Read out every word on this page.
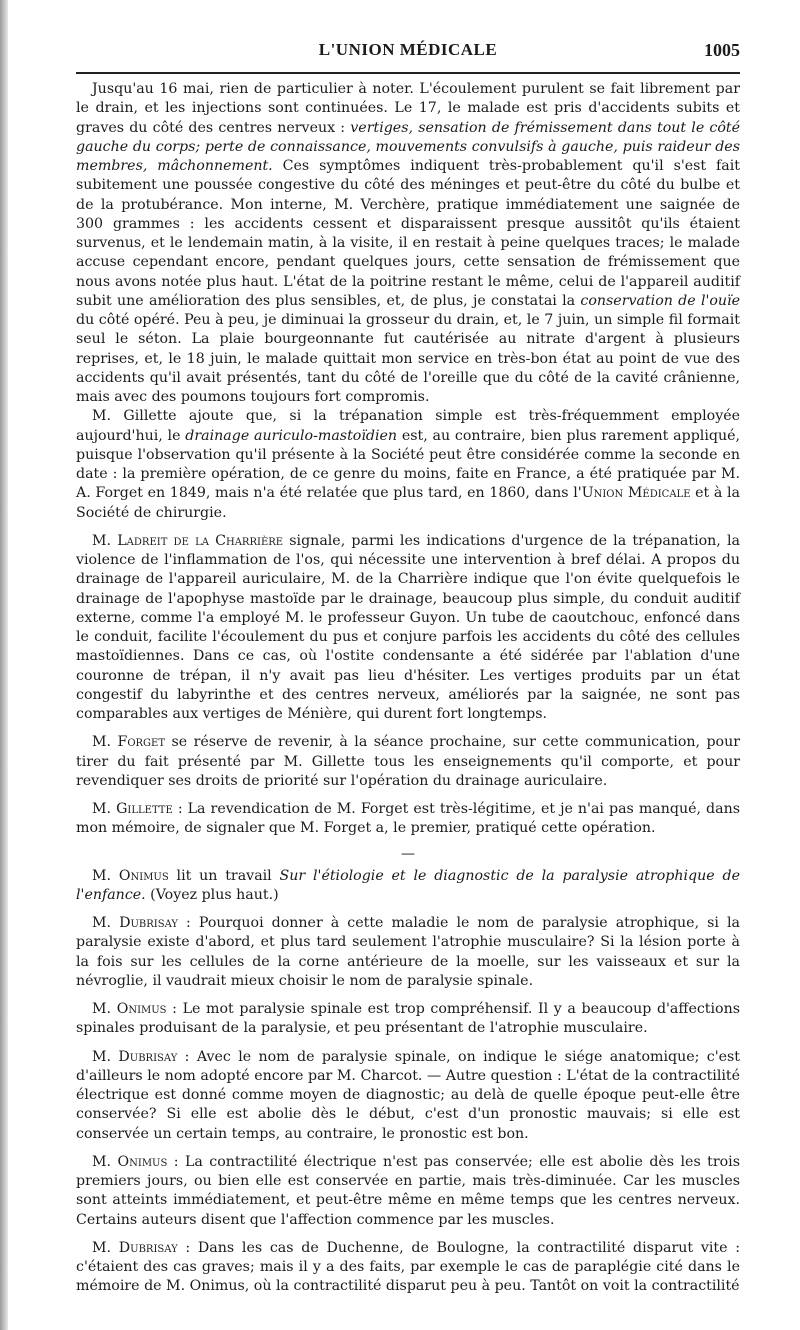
L'UNION MÉDICALE	1005

Jusqu'au 16 mai, rien de particulier à noter. L'écoulement purulent se fait librement par le drain, et les injections sont continuées. Le 17, le malade est pris d'accidents subits et graves du côté des centres nerveux : vertiges, sensation de frémissement dans tout le côté gauche du corps; perte de connaissance, mouvements convulsifs à gauche, puis raideur des membres, mâchonnement. Ces symptômes indiquent très-probablement qu'il s'est fait subitement une poussée congestive du côté des méninges et peut-être du côté du bulbe et de la protubérance. Mon interne, M. Verchère, pratique immédiatement une saignée de 300 grammes : les accidents cessent et disparaissent presque aussitôt qu'ils étaient survenus, et le lendemain matin, à la visite, il en restait à peine quelques traces; le malade accuse cependant encore, pendant quelques jours, cette sensation de frémissement que nous avons notée plus haut. L'état de la poitrine restant le même, celui de l'appareil auditif subit une amélioration des plus sensibles, et, de plus, je constatai la conservation de l'ouïe du côté opéré. Peu à peu, je diminuai la grosseur du drain, et, le 7 juin, un simple fil formait seul le séton. La plaie bourgeonnante fut cautérisée au nitrate d'argent à plusieurs reprises, et, le 18 juin, le malade quittait mon service en très-bon état au point de vue des accidents qu'il avait présentés, tant du côté de l'oreille que du côté de la cavité crânienne, mais avec des poumons toujours fort compromis.

M. Gillette ajoute que, si la trépanation simple est très-fréquemment employée aujourd'hui, le drainage auriculo-mastoïdien est, au contraire, bien plus rarement appliqué, puisque l'observation qu'il présente à la Société peut être considérée comme la seconde en date : la première opération, de ce genre du moins, faite en France, a été pratiquée par M. A. Forget en 1849, mais n'a été relatée que plus tard, en 1860, dans l'Union Médicale et à la Société de chirurgie.

M. Ladreit de la Charrière signale, parmi les indications d'urgence de la trépanation, la violence de l'inflammation de l'os, qui nécessite une intervention à bref délai. A propos du drainage de l'appareil auriculaire, M. de la Charrière indique que l'on évite quelquefois le drainage de l'apophyse mastoïde par le drainage, beaucoup plus simple, du conduit auditif externe, comme l'a employé M. le professeur Guyon. Un tube de caoutchouc, enfoncé dans le conduit, facilite l'écoulement du pus et conjure parfois les accidents du côté des cellules mastoïdiennes. Dans ce cas, où l'ostite condensante a été sidérée par l'ablation d'une couronne de trépan, il n'y avait pas lieu d'hésiter. Les vertiges produits par un état congestif du labyrinthe et des centres nerveux, améliorés par la saignée, ne sont pas comparables aux vertiges de Ménière, qui durent fort longtemps.

M. Forget se réserve de revenir, à la séance prochaine, sur cette communication, pour tirer du fait présenté par M. Gillette tous les enseignements qu'il comporte, et pour revendiquer ses droits de priorité sur l'opération du drainage auriculaire.

M. Gillette : La revendication de M. Forget est très-légitime, et je n'ai pas manqué, dans mon mémoire, de signaler que M. Forget a, le premier, pratiqué cette opération.

—

M. Onimus lit un travail Sur l'étiologie et le diagnostic de la paralysie atrophique de l'enfance. (Voyez plus haut.)

M. Dubrisay : Pourquoi donner à cette maladie le nom de paralysie atrophique, si la paralysie existe d'abord, et plus tard seulement l'atrophie musculaire? Si la lésion porte à la fois sur les cellules de la corne antérieure de la moelle, sur les vaisseaux et sur la névroglie, il vaudrait mieux choisir le nom de paralysie spinale.

M. Onimus : Le mot paralysie spinale est trop compréhensif. Il y a beaucoup d'affections spinales produisant de la paralysie, et peu présentant de l'atrophie musculaire.

M. Dubrisay : Avec le nom de paralysie spinale, on indique le siége anatomique; c'est d'ailleurs le nom adopté encore par M. Charcot. — Autre question : L'état de la contractilité électrique est donné comme moyen de diagnostic; au delà de quelle époque peut-elle être conservée? Si elle est abolie dès le début, c'est d'un pronostic mauvais; si elle est conservée un certain temps, au contraire, le pronostic est bon.

M. Onimus : La contractilité électrique n'est pas conservée; elle est abolie dès les trois premiers jours, ou bien elle est conservée en partie, mais très-diminuée. Car les muscles sont atteints immédiatement, et peut-être même en même temps que les centres nerveux. Certains auteurs disent que l'affection commence par les muscles.

M. Dubrisay : Dans les cas de Duchenne, de Boulogne, la contractilité disparut vite : c'étaient des cas graves; mais il y a des faits, par exemple le cas de paraplégie cité dans le mémoire de M. Onimus, où la contractilité disparut peu à peu. Tantôt on voit la contractilité
